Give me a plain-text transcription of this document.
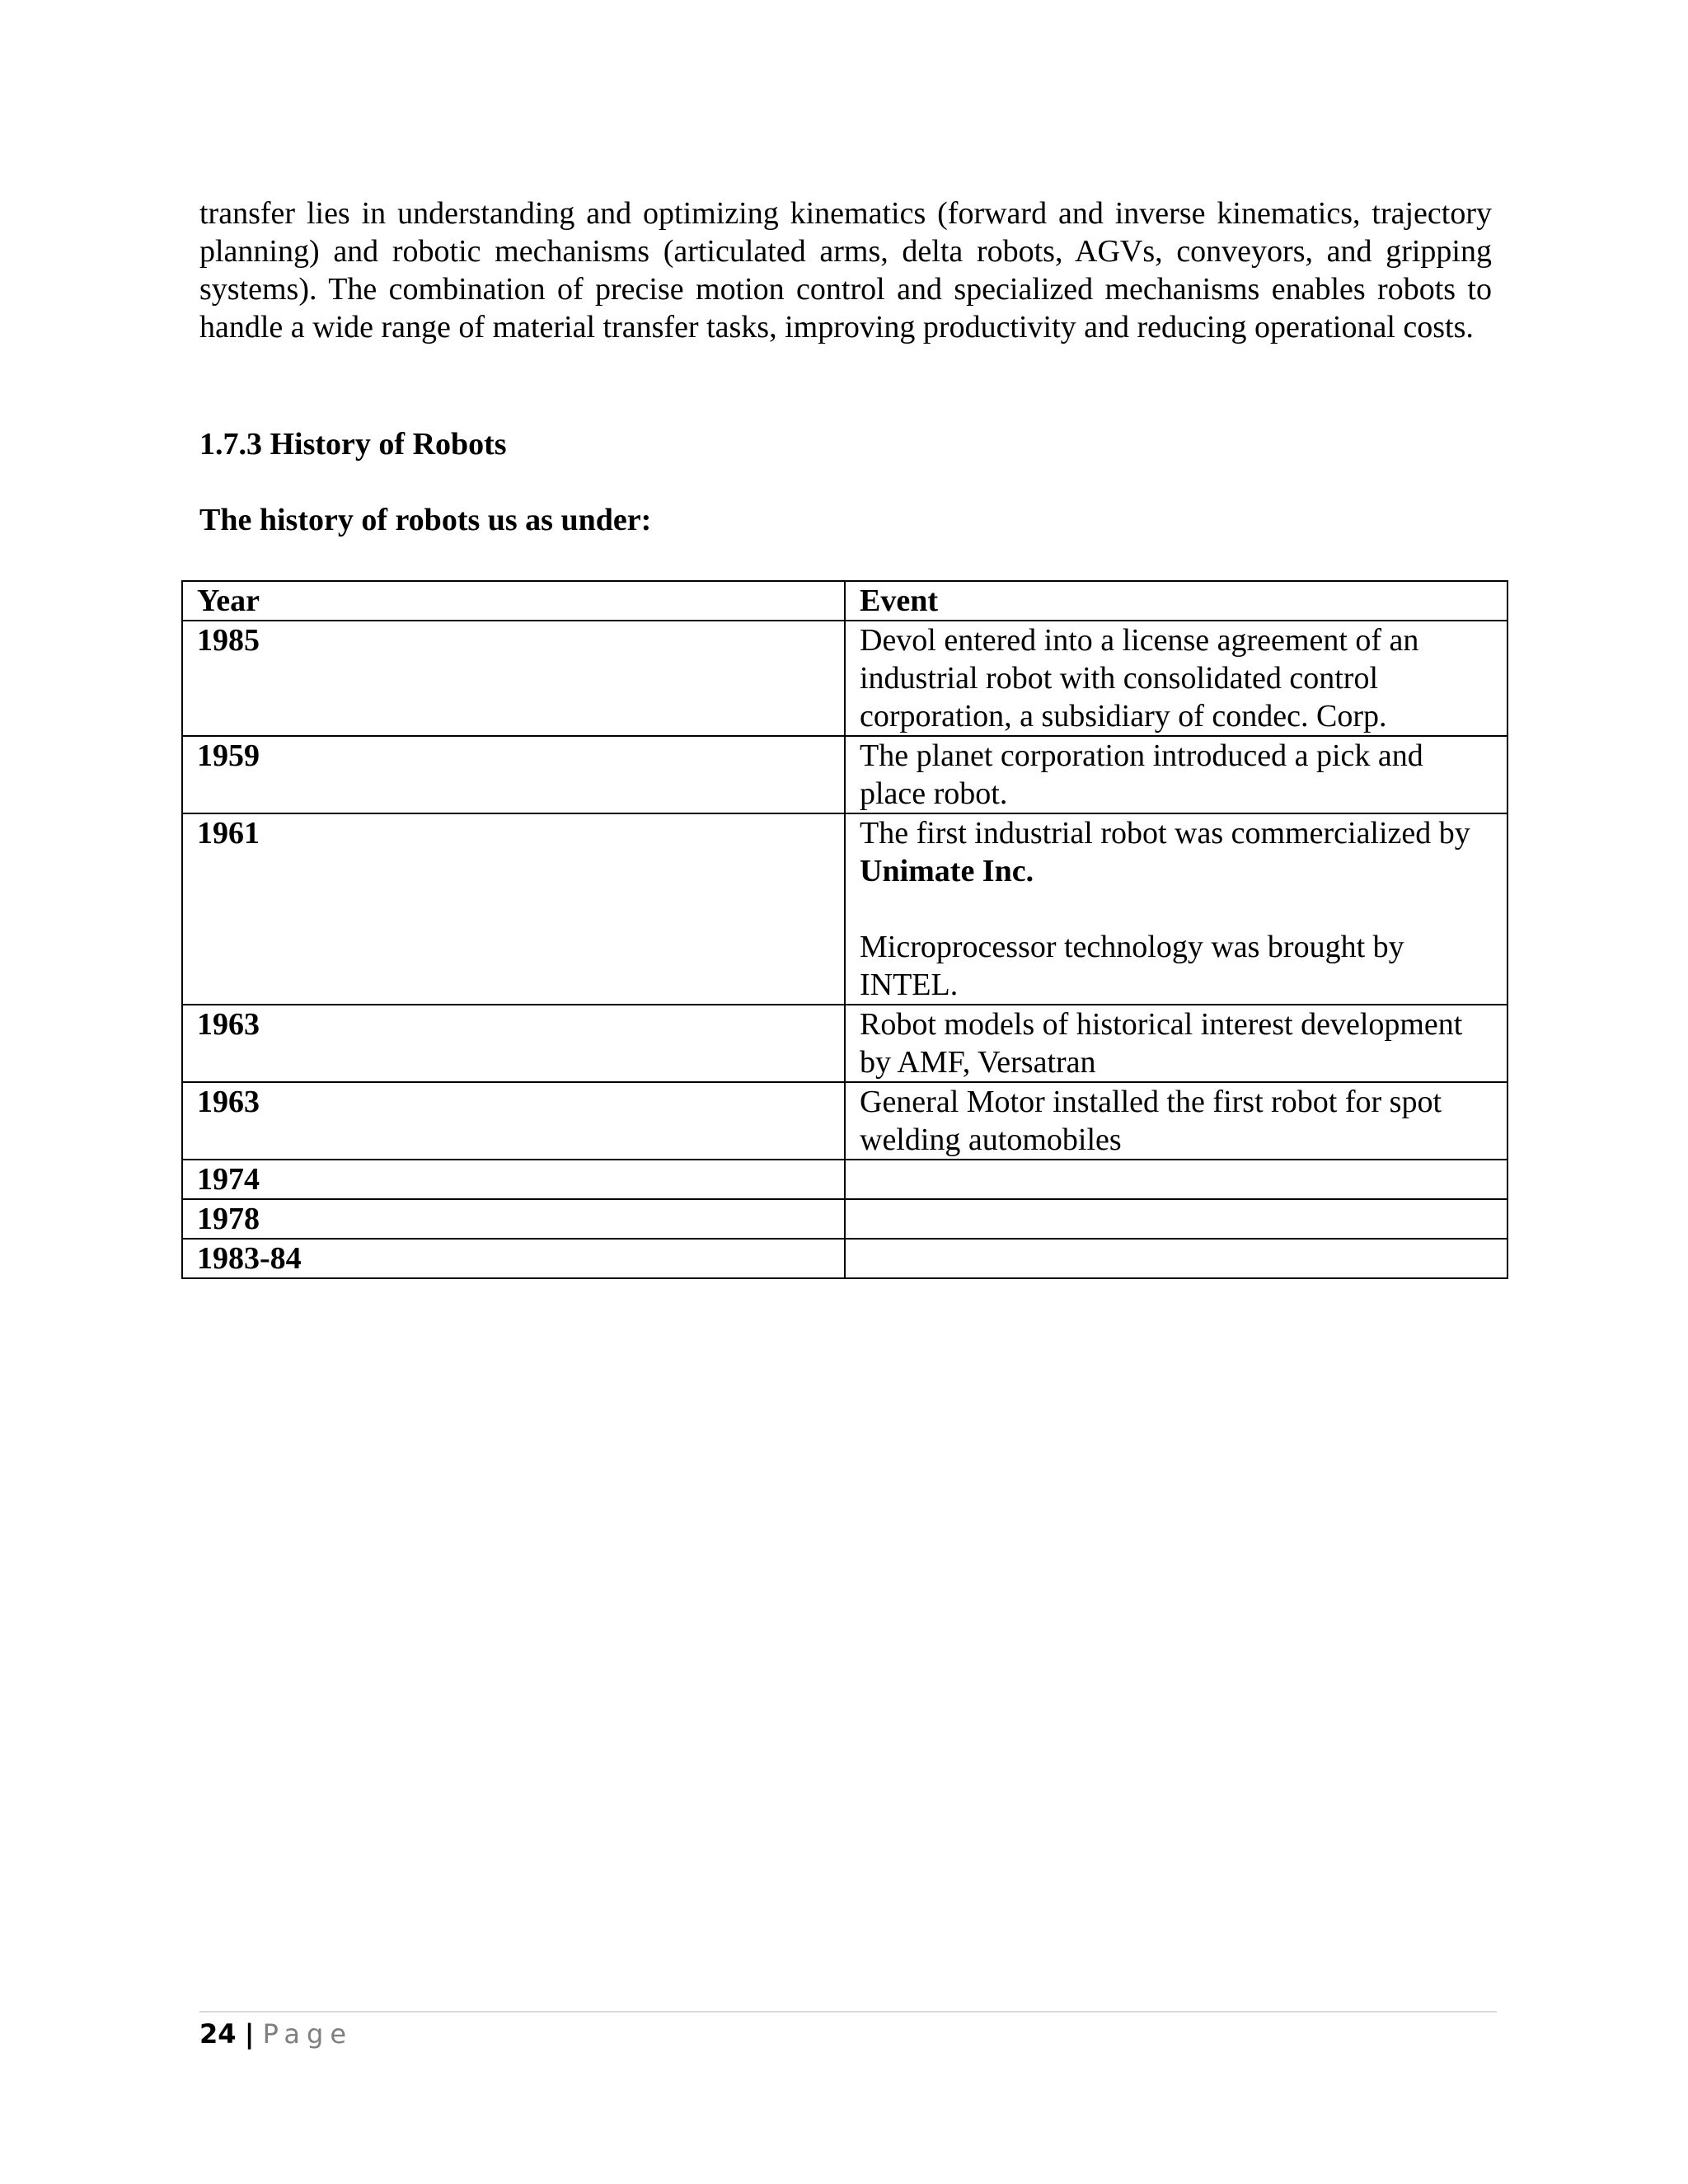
transfer lies in understanding and optimizing kinematics (forward and inverse kinematics, trajectory planning) and robotic mechanisms (articulated arms, delta robots, AGVs, conveyors, and gripping systems). The combination of precise motion control and specialized mechanisms enables robots to handle a wide range of material transfer tasks, improving productivity and reducing operational costs.

1.7.3 History of Robots

The history of robots us as under:

Year	Event
1985	Devol entered into a license agreement of an industrial robot with consolidated control corporation, a subsidiary of condec. Corp.
1959	The planet corporation introduced a pick and place robot.
1961	The first industrial robot was commercialized by Unimate Inc.

Microprocessor technology was brought by INTEL.

1963	Robot models of historical interest development by AMF, Versatran
1963	General Motor installed the first robot for spot welding automobiles
1974	
1978	
1983-84	

24 | Page
